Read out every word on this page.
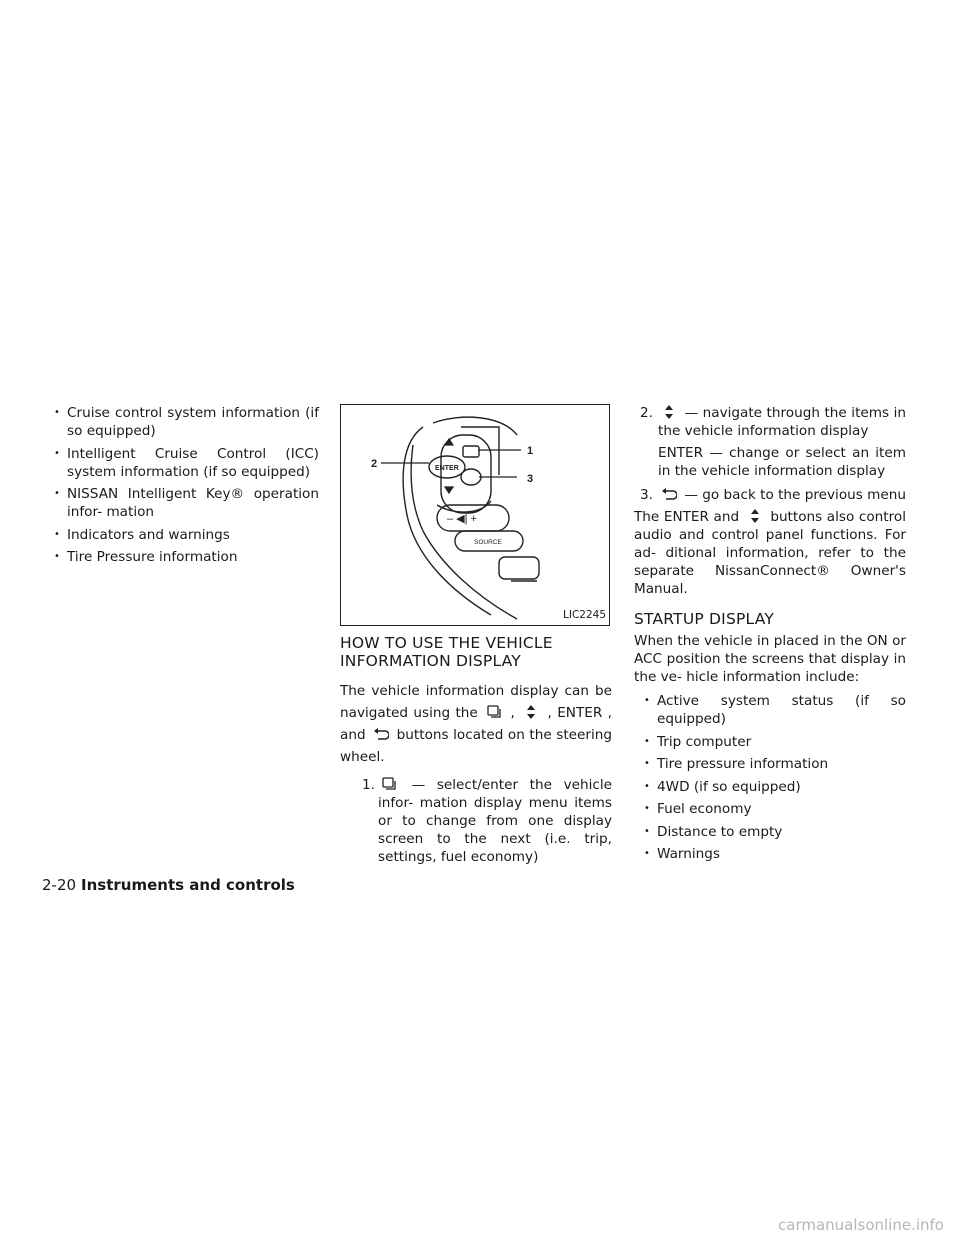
• Cruise control system information (if so equipped)
• Intelligent Cruise Control (ICC) system information (if so equipped)
• NISSAN Intelligent Key® operation infor- mation
• Indicators and warnings
• Tire Pressure information
ENTER
– ◀| +
SOURCE
1
2
3
LIC2245
HOW TO USE THE VEHICLE INFORMATION DISPLAY

The vehicle information display can be navigated using the , , ENTER , and buttons located on the steering wheel.

1.	— select/enter the vehicle infor- mation display menu items or to change from one display screen to the next (i.e. trip, settings, fuel economy)
2. — navigate through the items in the vehicle information display

ENTER — change or select an item in the vehicle information display

3. — go back to the previous menu

The ENTER and buttons also control audio and control panel functions. For ad- ditional information, refer to the separate NissanConnect® Owner's Manual.

STARTUP DISPLAY

When the vehicle in placed in the ON or ACC position the screens that display in the ve- hicle information include:

• Active system status (if so equipped)
• Trip computer
• Tire pressure information
• 4WD (if so equipped)
• Fuel economy
• Distance to empty
• Warnings
2-20 Instruments and controls
carmanualsonline.info
